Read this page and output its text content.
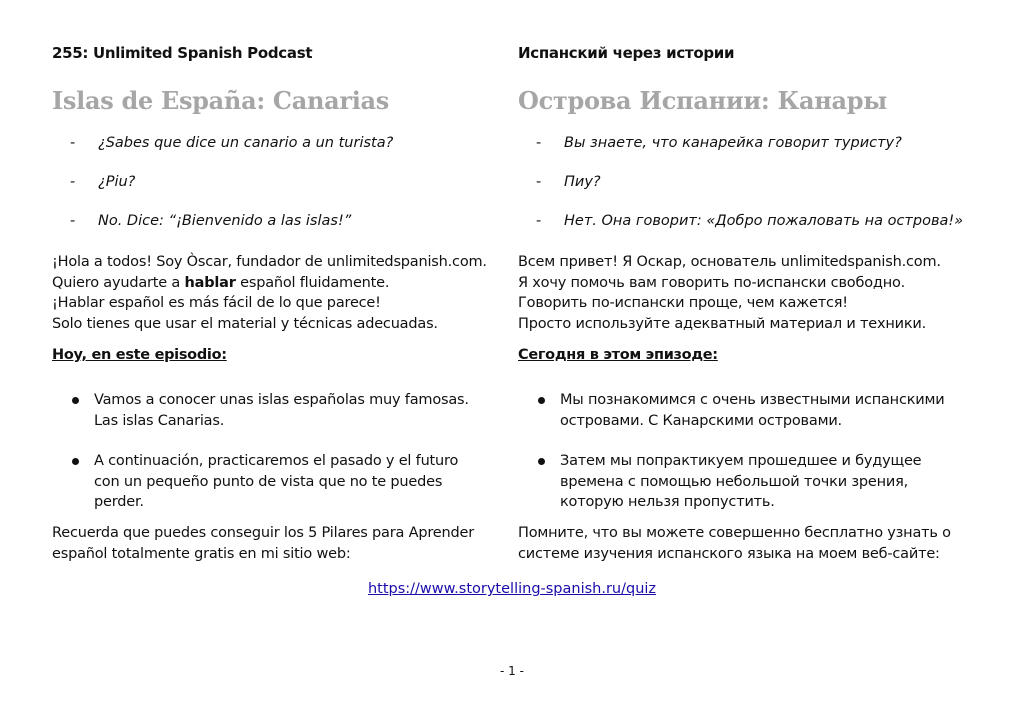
255: Unlimited Spanish Podcast

Islas de España: Canarias
- ¿Sabes que dice un canario a un turista?
- ¿Piu?
- No. Dice: “¡Bienvenido a las islas!”

¡Hola a todos! Soy Òscar, fundador de unlimitedspanish.com.
Quiero ayudarte a hablar español fluidamente.
¡Hablar español es más fácil de lo que parece!
Solo tienes que usar el material y técnicas adecuadas.

Hoy, en este episodio:

Vamos a conocer unas islas españolas muy famosas.
Las islas Canarias.
A continuación, practicaremos el pasado y el futuro
con un pequeño punto de vista que no te puedes
perder.

Recuerda que puedes conseguir los 5 Pilares para Aprender
español totalmente gratis en mi sitio web:

Испанский через истории

Острова Испании: Канары
- Вы знаете, что канарейка говорит туристу?
- Пиу?
- Нет. Она говорит: «Добро пожаловать на острова!»

Всем привет! Я Оскар, основатель unlimitedspanish.com.
Я хочу помочь вам говорить по-испански свободно.
Говорить по-испански проще, чем кажется!
Просто используйте адекватный материал и техники.

Сегодня в этом эпизоде:

Мы познакомимся с очень известными испанскими
островами. С Канарскими островами.
Затем мы попрактикуем прошедшее и будущее
времена с помощью небольшой точки зрения,
которую нельзя пропустить.

Помните, что вы можете совершенно бесплатно узнать о
системе изучения испанского языка на моем веб-сайте:

https://www.storytelling-spanish.ru/quiz
- 1 -
